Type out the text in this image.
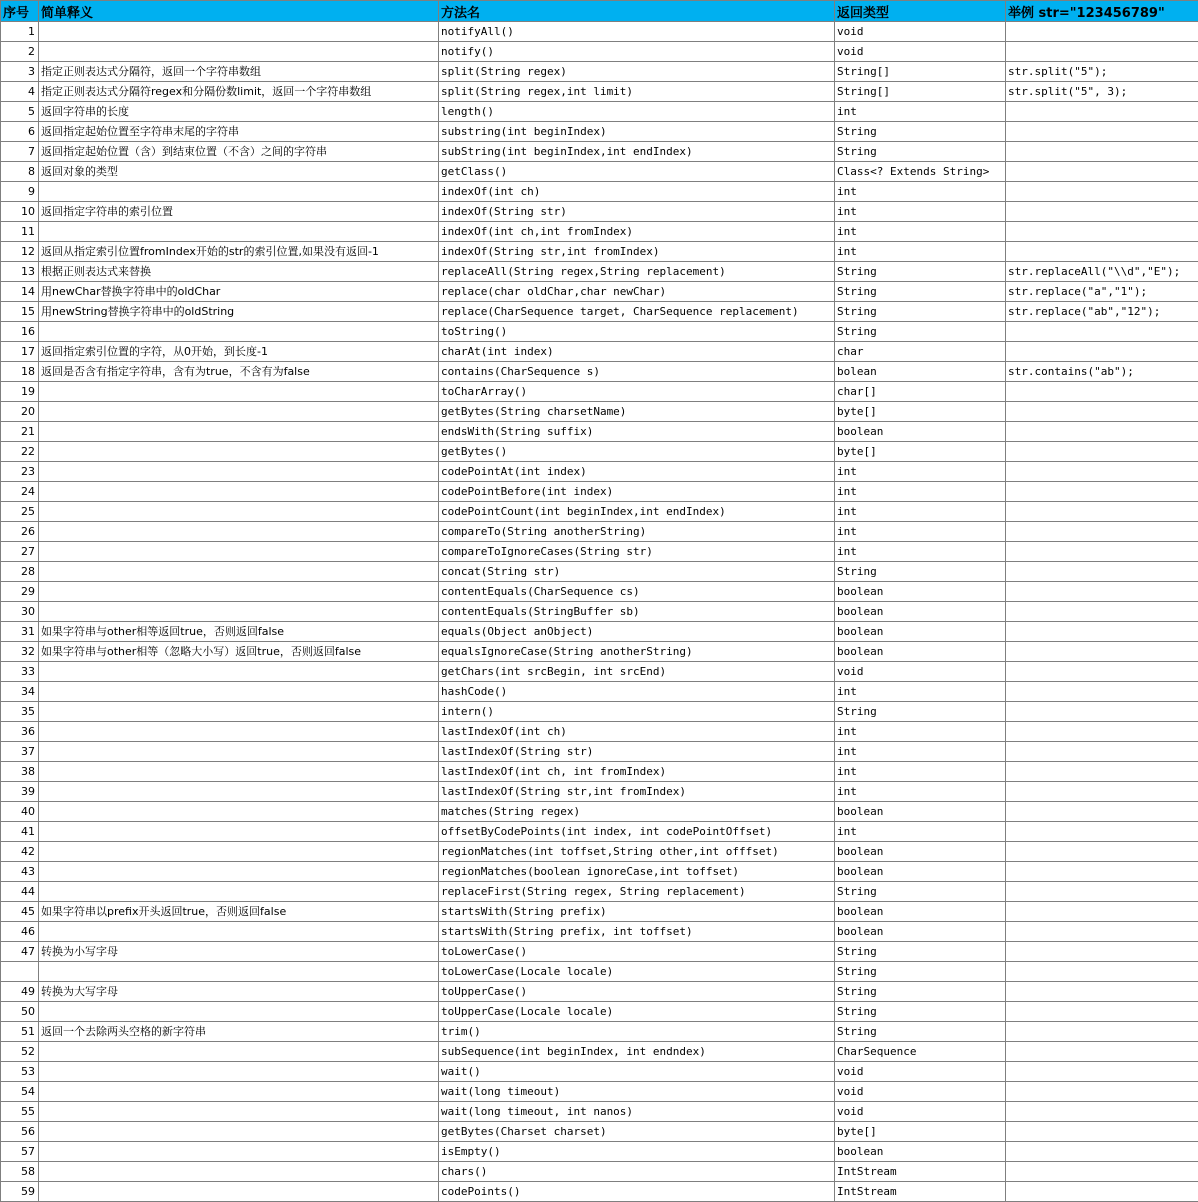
序号	简单释义	方法名	返回类型	举例 str="123456789"
1		notifyAll()	void	
2		notify()	void	
3	指定正则表达式分隔符，返回一个字符串数组	split(String regex)	String[]	str.split("5");
4	指定正则表达式分隔符regex和分隔份数limit，返回一个字符串数组	split(String regex,int limit)	String[]	str.split("5", 3);
5	返回字符串的长度	length()	int	
6	返回指定起始位置至字符串末尾的字符串	substring(int beginIndex)	String	
7	返回指定起始位置（含）到结束位置（不含）之间的字符串	subString(int beginIndex,int endIndex)	String	
8	返回对象的类型	getClass()	Class<? Extends String>	
9		indexOf(int ch)	int	
10	返回指定字符串的索引位置	indexOf(String str)	int	
11		indexOf(int ch,int fromIndex)	int	
12	返回从指定索引位置fromIndex开始的str的索引位置,如果没有返回-1	indexOf(String str,int fromIndex)	int	
13	根据正则表达式来替换	replaceAll(String regex,String replacement)	String	str.replaceAll("\\d","E");
14	用newChar替换字符串中的oldChar	replace(char oldChar,char newChar)	String	str.replace("a","1");
15	用newString替换字符串中的oldString	replace(CharSequence target, CharSequence replacement)	String	str.replace("ab","12");
16		toString()	String	
17	返回指定索引位置的字符，从0开始，到长度-1	charAt(int index)	char	
18	返回是否含有指定字符串，含有为true，不含有为false	contains(CharSequence s)	bolean	str.contains("ab");
19		toCharArray()	char[]	
20		getBytes(String charsetName)	byte[]	
21		endsWith(String suffix)	boolean	
22		getBytes()	byte[]	
23		codePointAt(int index)	int	
24		codePointBefore(int index)	int	
25		codePointCount(int beginIndex,int endIndex)	int	
26		compareTo(String anotherString)	int	
27		compareToIgnoreCases(String str)	int	
28		concat(String str)	String	
29		contentEquals(CharSequence cs)	boolean	
30		contentEquals(StringBuffer sb)	boolean	
31	如果字符串与other相等返回true，否则返回false	equals(Object anObject)	boolean	
32	如果字符串与other相等（忽略大小写）返回true，否则返回false	equalsIgnoreCase(String anotherString)	boolean	
33		getChars(int srcBegin, int srcEnd)	void	
34		hashCode()	int	
35		intern()	String	
36		lastIndexOf(int ch)	int	
37		lastIndexOf(String str)	int	
38		lastIndexOf(int ch, int fromIndex)	int	
39		lastIndexOf(String str,int fromIndex)	int	
40		matches(String regex)	boolean	
41		offsetByCodePoints(int index, int codePointOffset)	int	
42		regionMatches(int toffset,String other,int offfset)	boolean	
43		regionMatches(boolean ignoreCase,int toffset)	boolean	
44		replaceFirst(String regex, String replacement)	String	
45	如果字符串以prefix开头返回true，否则返回false	startsWith(String prefix)	boolean	
46		startsWith(String prefix, int toffset)	boolean	
47	转换为小写字母	toLowerCase()	String	
		toLowerCase(Locale locale)	String	
49	转换为大写字母	toUpperCase()	String	
50		toUpperCase(Locale locale)	String	
51	返回一个去除两头空格的新字符串	trim()	String	
52		subSequence(int beginIndex, int endndex)	CharSequence	
53		wait()	void	
54		wait(long timeout)	void	
55		wait(long timeout, int nanos)	void	
56		getBytes(Charset charset)	byte[]	
57		isEmpty()	boolean	
58		chars()	IntStream	
59		codePoints()	IntStream	
